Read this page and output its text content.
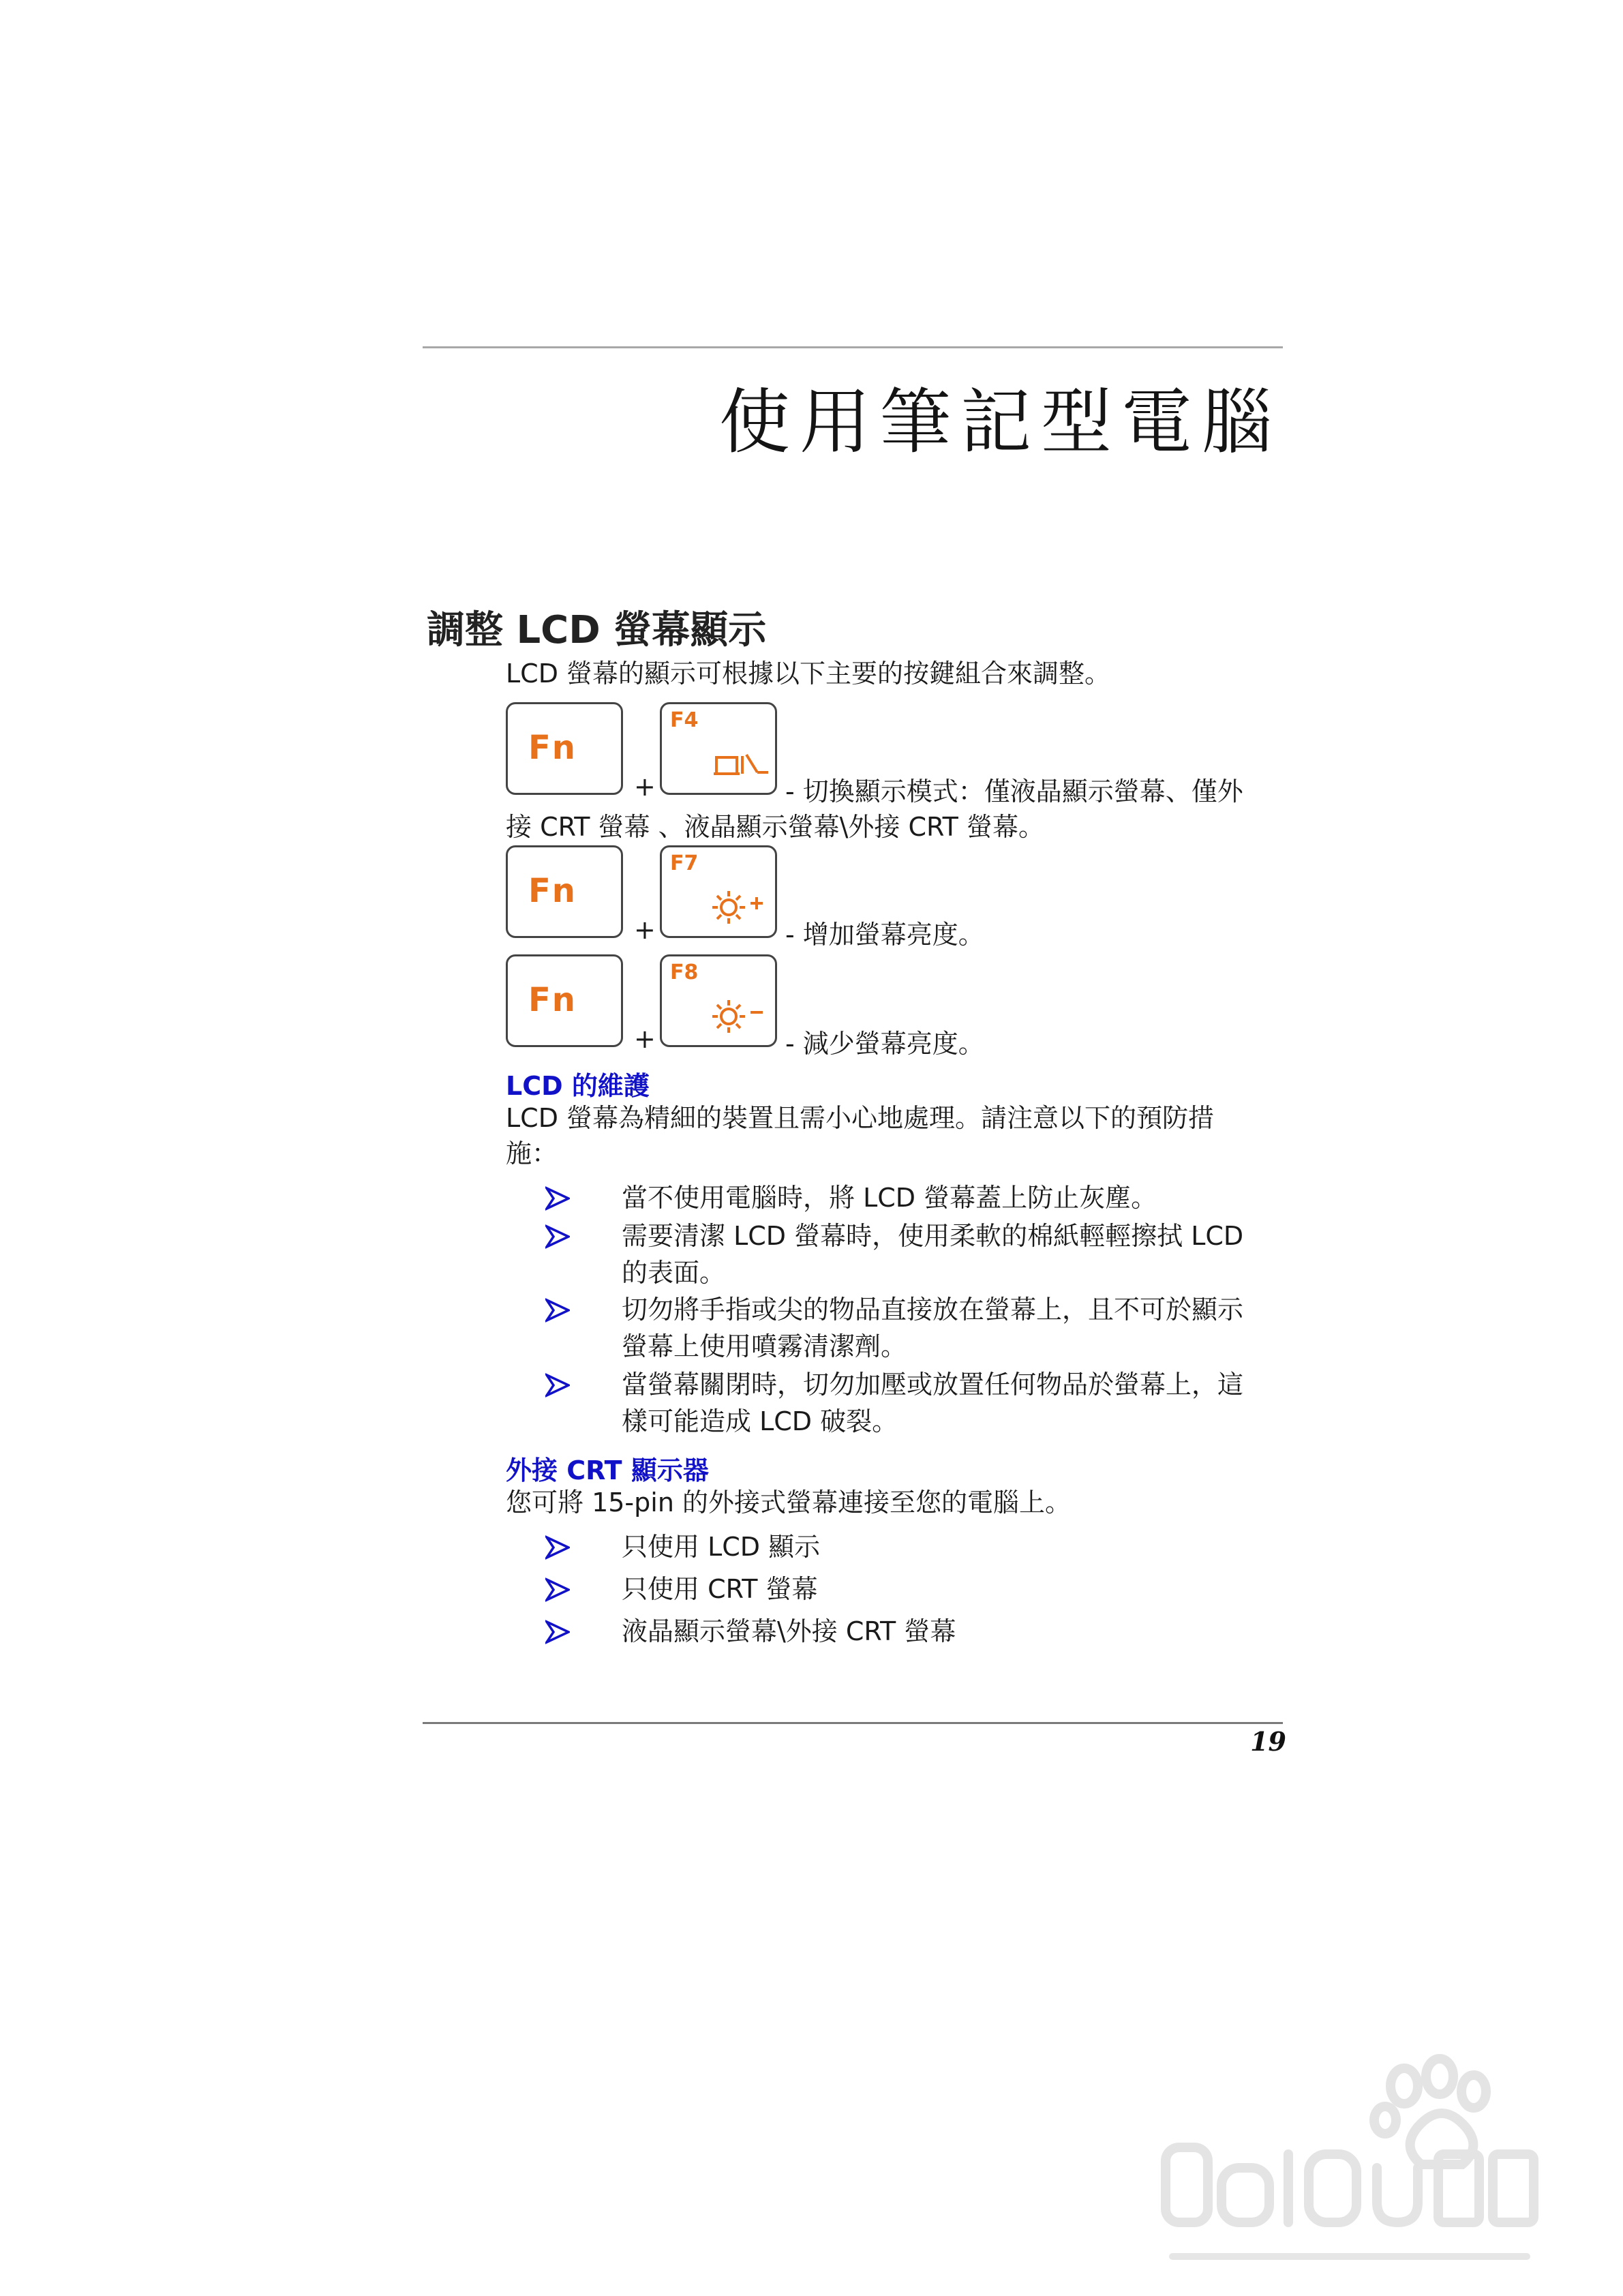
使用筆記型電腦
調整 LCD 螢幕顯示
LCD 螢幕的顯示可根據以下主要的按鍵組合來調整。
Fn
+
F4
- 切換顯示模式：僅液晶顯示螢幕、僅外
接 CRT 螢幕 、液晶顯示螢幕\外接 CRT 螢幕。
Fn
+
F7
- 增加螢幕亮度。
Fn
+
F8
- 減少螢幕亮度。
LCD 的維護
LCD 螢幕為精細的裝置且需小心地處理。請注意以下的預防措
施：
當不使用電腦時，將 LCD 螢幕蓋上防止灰塵。
需要清潔 LCD 螢幕時，使用柔軟的棉紙輕輕擦拭 LCD
的表面。
切勿將手指或尖的物品直接放在螢幕上，且不可於顯示
螢幕上使用噴霧清潔劑。
當螢幕關閉時，切勿加壓或放置任何物品於螢幕上，這
樣可能造成 LCD 破裂。
外接 CRT 顯示器
您可將 15-pin 的外接式螢幕連接至您的電腦上。
只使用 LCD 顯示
只使用 CRT 螢幕
液晶顯示螢幕\外接 CRT 螢幕
19
